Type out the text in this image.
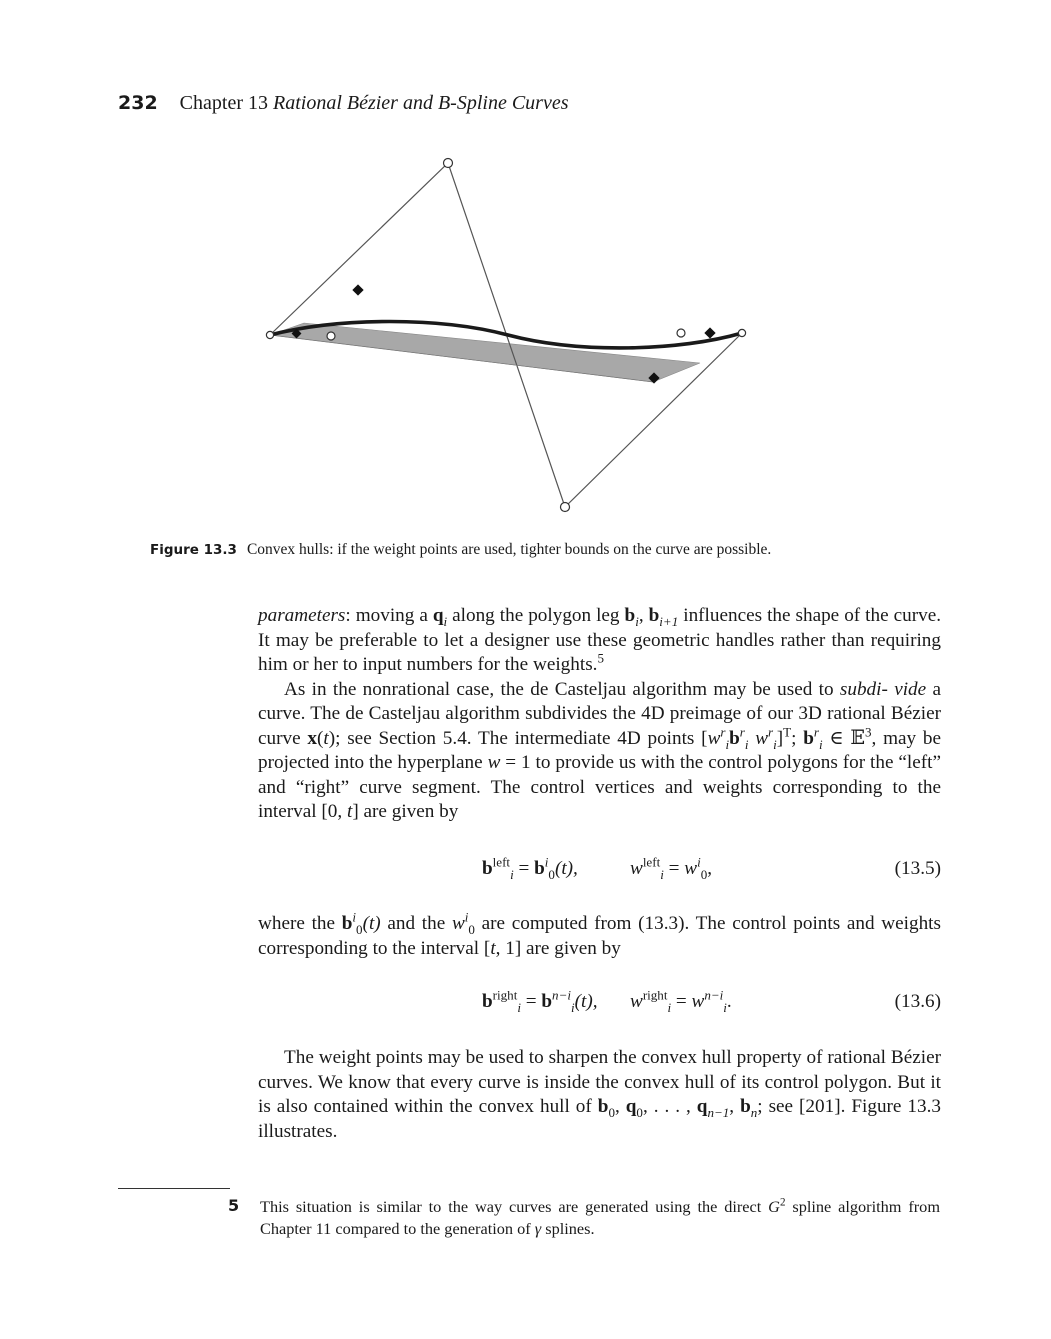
232 Chapter 13 Rational Bézier and B-Spline Curves
Figure 13.3 Convex hulls: if the weight points are used, tighter bounds on the curve are possible.

parameters: moving a $q_i$ along the polygon leg $b_i$, $b_{i+1}$ influences the shape of the curve. It may be preferable to let a designer use these geometric handles rather than requiring him or her to input numbers for the weights.$^5$

As in the nonrational case, the de Casteljau algorithm may be used to subdi- vide a curve. The de Casteljau algorithm subdivides the 4D preimage of our 3D rational Bézier curve x(t); see Section 5.4. The intermediate 4D points [$w^r_ib^r_i$ $w^r_i]^T$; $b^r_i$ ∈ 𝔼$^3$, may be projected into the hyperplane w = 1 to provide us with the control polygons for the “left” and “right” curve segment. The control vertices and weights corresponding to the interval [0, t] are given by

$b^{left}_i = b^i_0(t)$,	$w^{left}_i = w^i_0$,	(13.5)

where the $b^i_0(t)$ and the $w^i_0$ are computed from (13.3). The control points and weights corresponding to the interval [t, 1] are given by

$b^{right}_i = b^{n-i}_i(t)$, $w^{right}_i = w^{n-i}_i$.	(13.6)

The weight points may be used to sharpen the convex hull property of rational Bézier curves. We know that every curve is inside the convex hull of its control polygon. But it is also contained within the convex hull of $b_0$, $q_0$, . . . , $q_{n-1}$, $b_n$; see [201]. Figure 13.3 illustrates.

5 This situation is similar to the way curves are generated using the direct $G^2$ spline algorithm from Chapter 11 compared to the generation of γ splines.
